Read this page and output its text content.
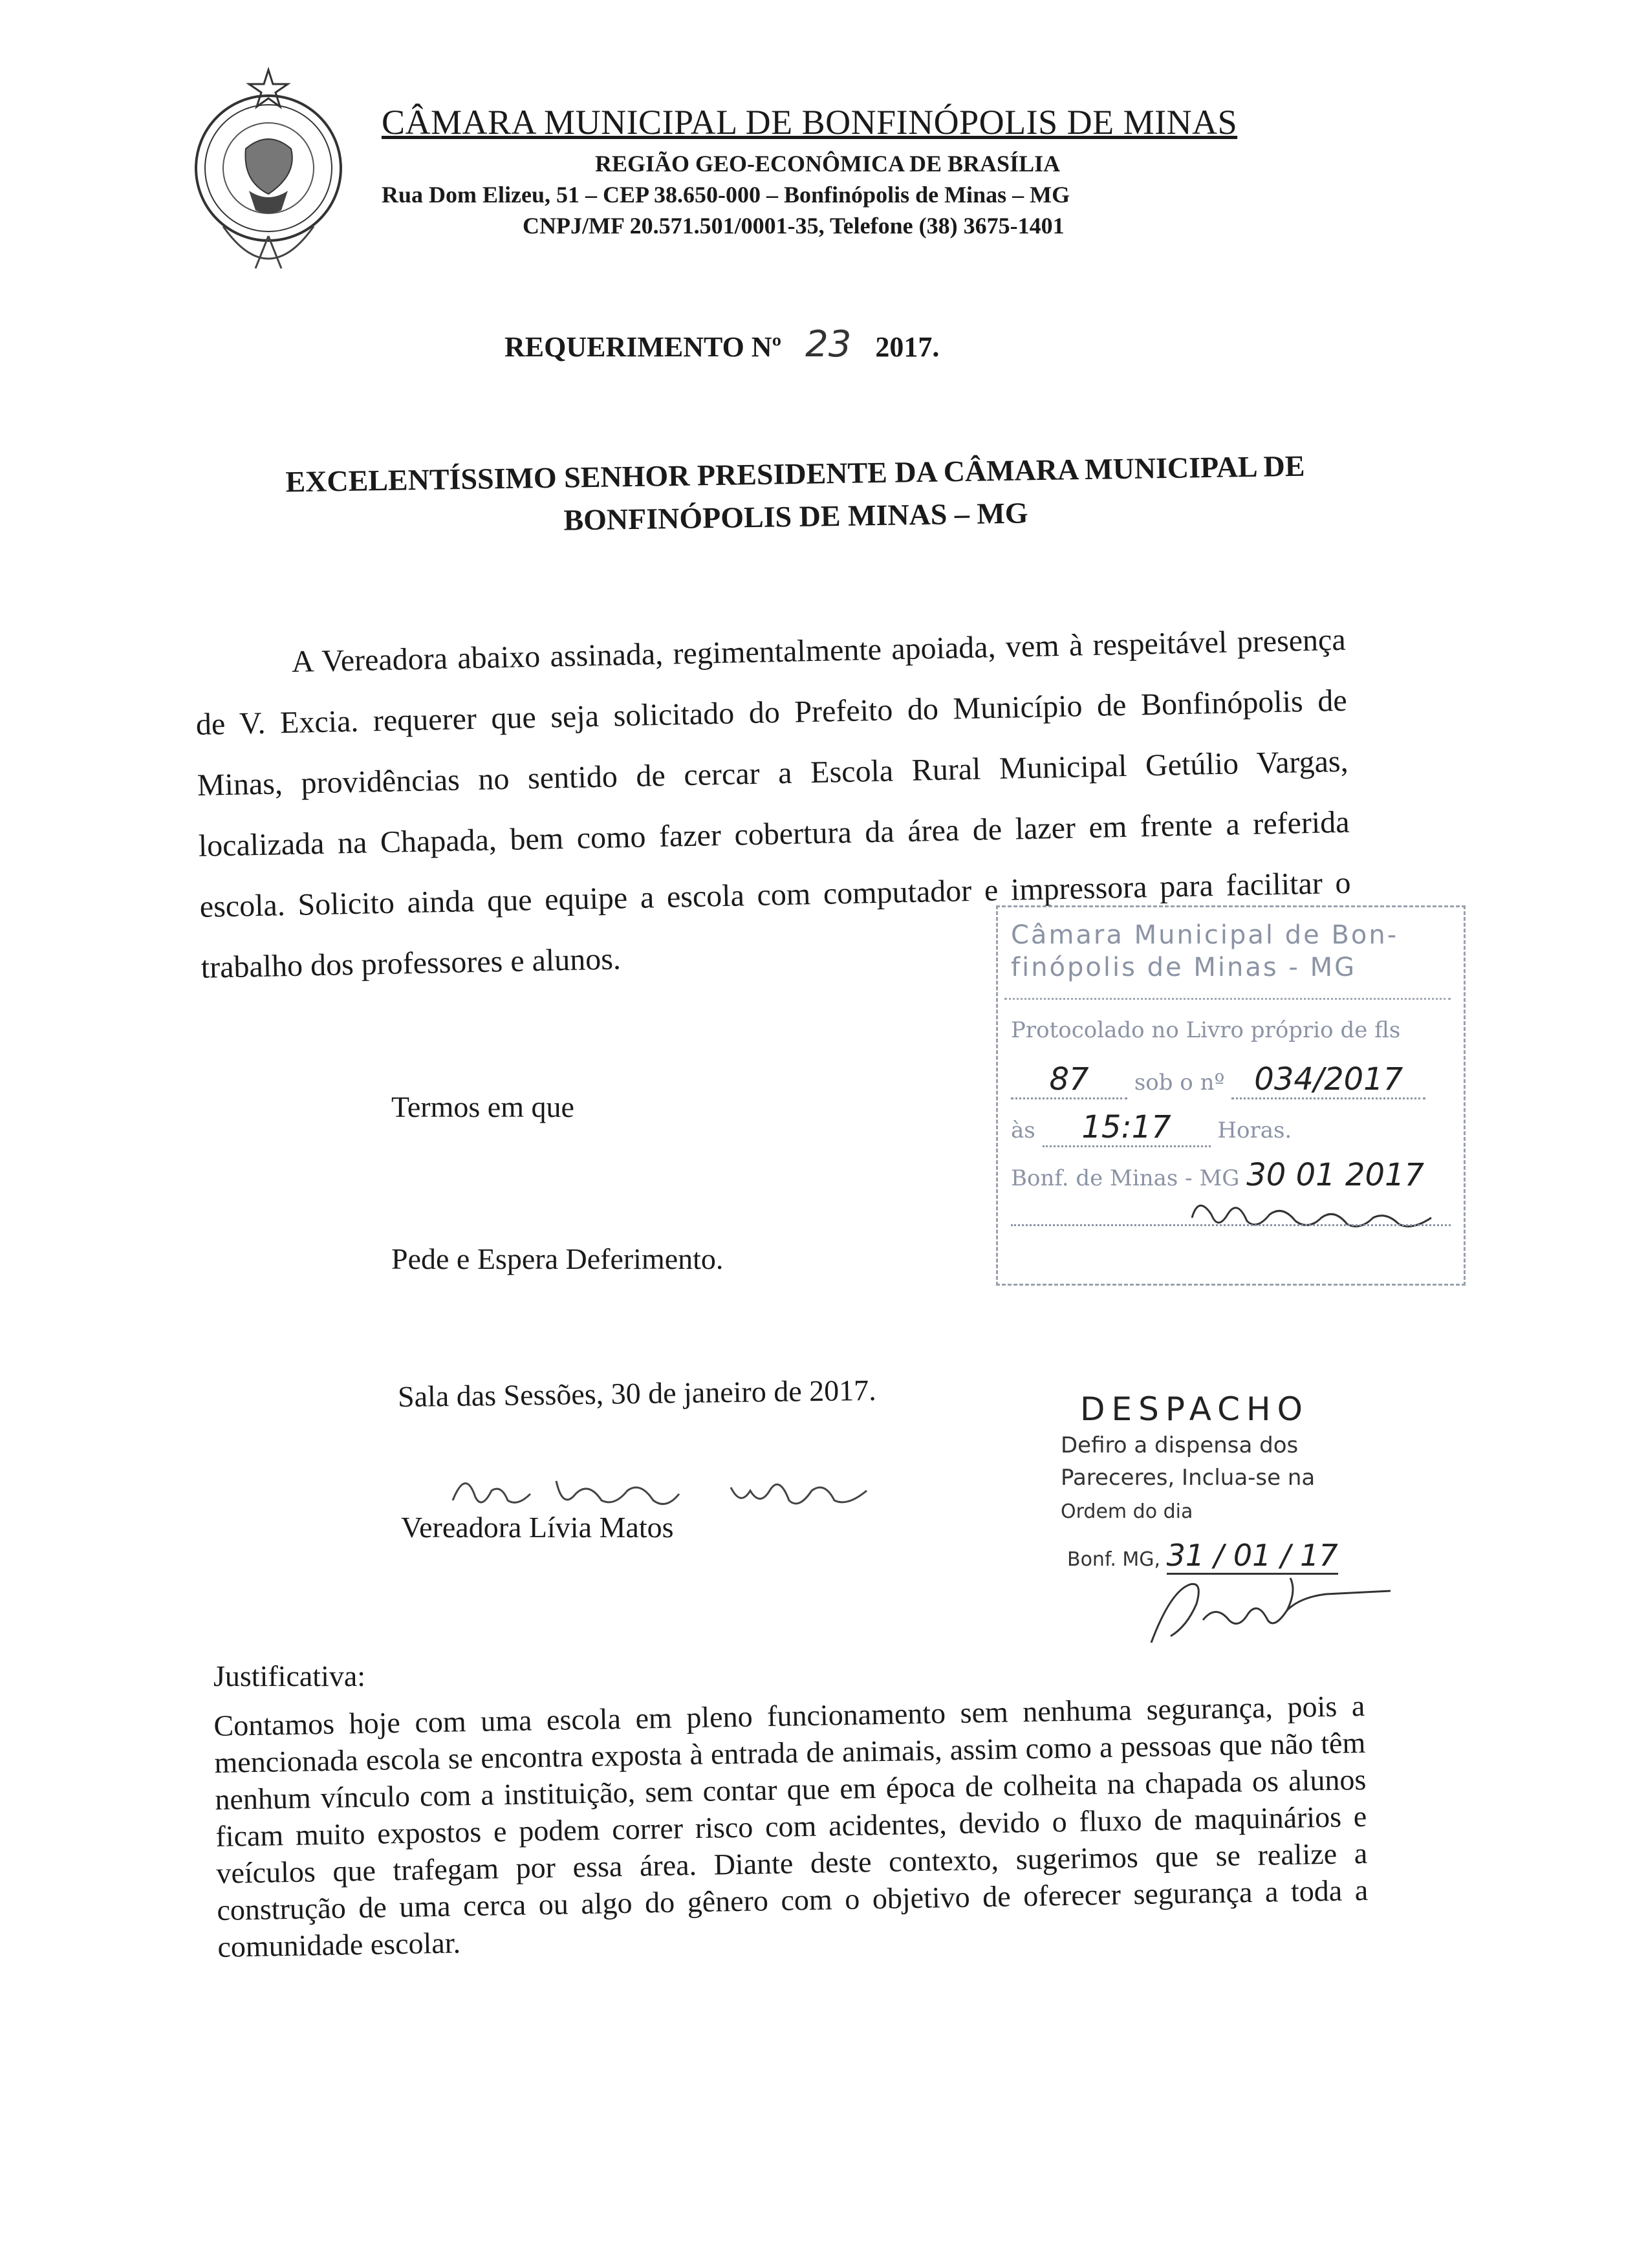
CÂMARA MUNICIPAL DE BONFINÓPOLIS DE MINAS
REGIÃO GEO-ECONÔMICA DE BRASÍLIA
Rua Dom Elizeu, 51 – CEP 38.650-000 – Bonfinópolis de Minas – MG
CNPJ/MF 20.571.501/0001-35, Telefone (38) 3675-1401
REQUERIMENTO Nº 23 2017.
EXCELENTÍSSIMO SENHOR PRESIDENTE DA CÂMARA MUNICIPAL DE
BONFINÓPOLIS DE MINAS – MG

A Vereadora abaixo assinada, regimentalmente apoiada, vem à respeitável presença de V. Excia. requerer que seja solicitado do Prefeito do Município de Bonfinópolis de Minas, providências no sentido de cercar a Escola Rural Municipal Getúlio Vargas, localizada na Chapada, bem como fazer cobertura da área de lazer em frente a referida escola. Solicito ainda que equipe a escola com computador e impressora para facilitar o trabalho dos professores e alunos.

Termos em que
Pede e Espera Deferimento.
Sala das Sessões, 30 de janeiro de 2017.
Vereadora Lívia Matos
Câmara Municipal de Bon-
finópolis de Minas - MG
Protocolado no Livro próprio de fls
87 sob o nº 034/2017
às 15:17 Horas.
Bonf. de Minas - MG 30 01 2017
DESPACHO
Defiro a dispensa dos
Pareceres, Inclua-se na
Ordem do dia
Bonf. MG, 31 / 01 / 17
Justificativa:

Contamos hoje com uma escola em pleno funcionamento sem nenhuma segurança, pois a mencionada escola se encontra exposta à entrada de animais, assim como a pessoas que não têm nenhum vínculo com a instituição, sem contar que em época de colheita na chapada os alunos ficam muito expostos e podem correr risco com acidentes, devido o fluxo de maquinários e veículos que trafegam por essa área. Diante deste contexto, sugerimos que se realize a construção de uma cerca ou algo do gênero com o objetivo de oferecer segurança a toda a comunidade escolar.
